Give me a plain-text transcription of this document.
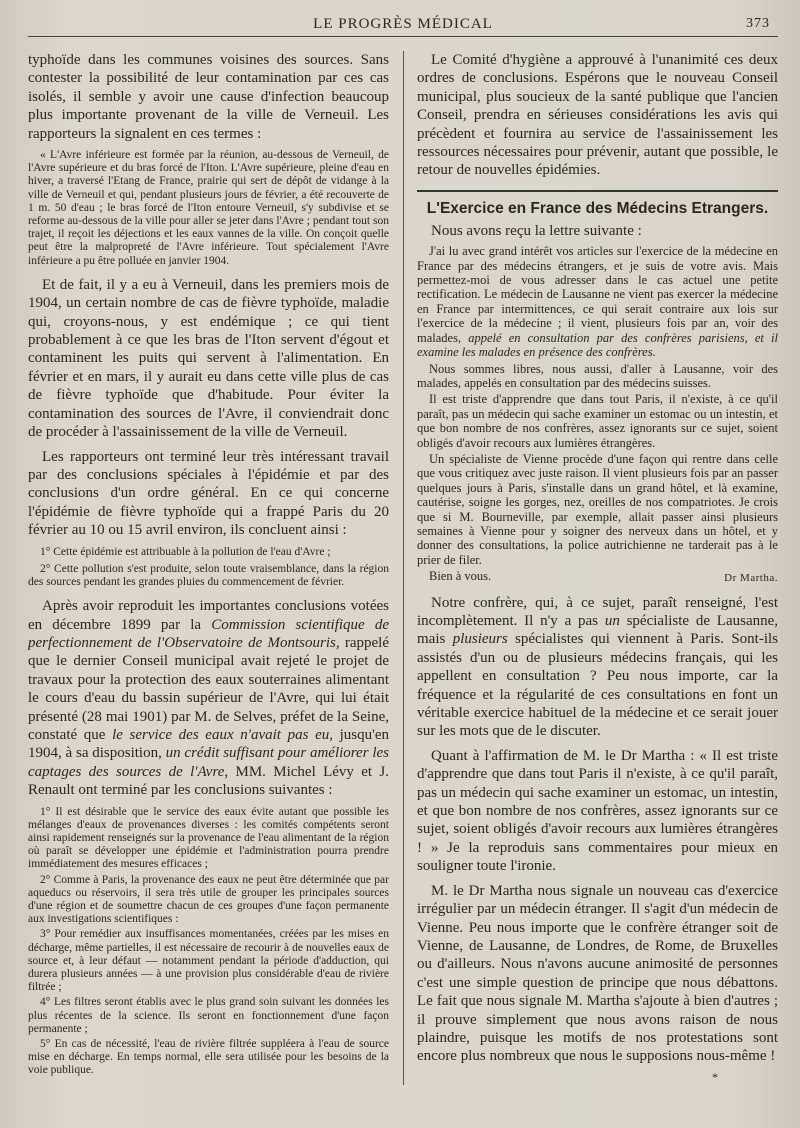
LE PROGRÈS MÉDICAL	373

typhoïde dans les communes voisines des sources. Sans contester la possibilité de leur contamination par ces cas isolés, il semble y avoir une cause d'infection beaucoup plus importante provenant de la ville de Verneuil. Les rapporteurs la signalent en ces termes :

« L'Avre inférieure est formée par la réunion, au-dessous de Verneuil, de l'Avre supérieure et du bras forcé de l'Iton. L'Avre supérieure, pleine d'eau en hiver, a traversé l'Etang de France, prairie qui sert de dépôt de vidange à la ville de Verneuil et qui, pendant plusieurs jours de février, a été recouverte de 1 m. 50 d'eau ; le bras forcé de l'Iton entoure Verneuil, s'y subdivise et se reforme au-dessous de la ville pour aller se jeter dans l'Avre ; pendant tout son trajet, il reçoit les déjections et les eaux vannes de la ville. On conçoit quelle peut être la malpropreté de l'Avre inférieure. Tout spécialement l'Avre inférieure a pu être polluée en janvier 1904.

Et de fait, il y a eu à Verneuil, dans les premiers mois de 1904, un certain nombre de cas de fièvre typhoïde, maladie qui, croyons-nous, y est endémique ; ce qui tient probablement à ce que les bras de l'Iton servent d'égout et contaminent les puits qui servent à l'alimentation. En février et en mars, il y aurait eu dans cette ville plus de cas de fièvre typhoïde que d'habitude. Pour éviter la contamination des sources de l'Avre, il conviendrait donc de procéder à l'assainissement de la ville de Verneuil.

Les rapporteurs ont terminé leur très intéressant travail par des conclusions spéciales à l'épidémie et par des conclusions d'un ordre général. En ce qui concerne l'épidémie de fièvre typhoïde qui a frappé Paris du 20 février au 10 ou 15 avril environ, ils concluent ainsi :

1° Cette épidémie est attribuable à la pollution de l'eau d'Avre ;

2° Cette pollution s'est produite, selon toute vraisemblance, dans la région des sources pendant les grandes pluies du commencement de février.

Après avoir reproduit les importantes conclusions votées en décembre 1899 par la Commission scientifique de perfectionnement de l'Observatoire de Montsouris, rappelé que le dernier Conseil municipal avait rejeté le projet de travaux pour la protection des eaux souterraines alimentant le cours d'eau du bassin supérieur de l'Avre, qui lui était présenté (28 mai 1901) par M. de Selves, préfet de la Seine, constaté que le service des eaux n'avait pas eu, jusqu'en 1904, à sa disposition, un crédit suffisant pour améliorer les captages des sources de l'Avre, MM. Michel Lévy et J. Renault ont terminé par les conclusions suivantes :

1° Il est désirable que le service des eaux évite autant que possible les mélanges d'eaux de provenances diverses : les comités compétents seront ainsi rapidement renseignés sur la provenance de l'eau alimentant de la région où paraît se développer une épidémie et l'administration pourra prendre immédiatement des mesures efficaces ;

2° Comme à Paris, la provenance des eaux ne peut être déterminée que par aqueducs ou réservoirs, il sera très utile de grouper les principales sources d'une région et de soumettre chacun de ces groupes d'une façon permanente aux investigations scientifiques :

3° Pour remédier aux insuffisances momentanées, créées par les mises en décharge, même partielles, il est nécessaire de recourir à de nouvelles eaux de source et, à leur défaut — notamment pendant la période d'adduction, qui durera plusieurs années — à une provision plus considérable d'eau de rivière filtrée ;

4° Les filtres seront établis avec le plus grand soin suivant les données les plus récentes de la science. Ils seront en fonctionnement d'une façon permanente ;

5° En cas de nécessité, l'eau de rivière filtrée suppléera à l'eau de source mise en décharge. En temps normal, elle sera utilisée pour les besoins de la voie publique.

Le Comité d'hygiène a approuvé à l'unanimité ces deux ordres de conclusions. Espérons que le nouveau Conseil municipal, plus soucieux de la santé publique que l'ancien Conseil, prendra en sérieuses considérations les avis qui précèdent et fournira au service de l'assainissement les ressources nécessaires pour prévenir, autant que possible, le retour de nouvelles épidémies.

L'Exercice en France des Médecins Etrangers.

Nous avons reçu la lettre suivante :

J'ai lu avec grand intérêt vos articles sur l'exercice de la médecine en France par des médecins étrangers, et je suis de votre avis. Mais permettez-moi de vous adresser dans le cas actuel une petite rectification. Le médecin de Lausanne ne vient pas exercer la médecine en France par intermittences, ce qui serait contraire aux lois sur l'exercice de la médecine ; il vient, plusieurs fois par an, voir des malades, appelé en consultation par des confrères parisiens, et il examine les malades en présence des confrères.

Nous sommes libres, nous aussi, d'aller à Lausanne, voir des malades, appelés en consultation par des médecins suisses.

Il est triste d'apprendre que dans tout Paris, il n'existe, à ce qu'il paraît, pas un médecin qui sache examiner un estomac ou un intestin, et que bon nombre de nos confrères, assez ignorants sur ce sujet, soient obligés d'avoir recours aux lumières étrangères.

Un spécialiste de Vienne procède d'une façon qui rentre dans celle que vous critiquez avec juste raison. Il vient plusieurs fois par an passer quelques jours à Paris, s'installe dans un grand hôtel, et là examine, cautérise, soigne les gorges, nez, oreilles de nos compatriotes. Je crois que si M. Bourneville, par exemple, allait passer ainsi plusieurs semaines à Vienne pour y soigner des nerveux dans un hôtel, et y donner des consultations, la police autrichienne ne tarderait pas à le prier de filer.

Bien à vous.	Dr Martha.

Notre confrère, qui, à ce sujet, paraît renseigné, l'est incomplètement. Il n'y a pas un spécialiste de Lausanne, mais plusieurs spécialistes qui viennent à Paris. Sont-ils assistés d'un ou de plusieurs médecins français, qui les appellent en consultation ? Peu nous importe, car la fréquence et la régularité de ces consultations en font un véritable exercice habituel de la médecine et ce serait jouer sur les mots que de le discuter.

Quant à l'affirmation de M. le Dr Martha : « Il est triste d'apprendre que dans tout Paris il n'existe, à ce qu'il paraît, pas un médecin qui sache examiner un estomac, un intestin, et que bon nombre de nos confrères, assez ignorants sur ce sujet, soient obligés d'avoir recours aux lumières étrangères ! » Je la reproduis sans commentaires pour mieux en souligner toute l'ironie.

M. le Dr Martha nous signale un nouveau cas d'exercice irrégulier par un médecin étranger. Il s'agit d'un médecin de Vienne. Peu nous importe que le confrère étranger soit de Vienne, de Lausanne, de Londres, de Rome, de Bruxelles ou d'ailleurs. Nous n'avons aucune animosité de personnes c'est une simple question de principe que nous débattons. Le fait que nous signale M. Martha s'ajoute à bien d'autres ; il prouve simplement que nous avons raison de nous plaindre, puisque les motifs de nos protestations sont encore plus nombreux que nous le supposions nous-même !

*
